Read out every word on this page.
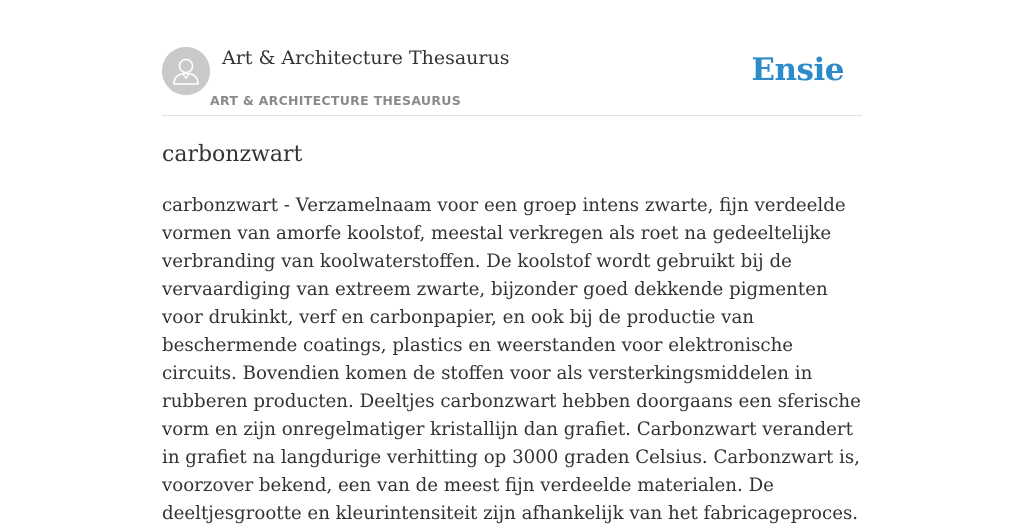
Art & Architecture Thesaurus
ART & ARCHITECTURE THESAURUS
Ensie
carbonzwart

carbonzwart - Verzamelnaam voor een groep intens zwarte, fijn verdeelde vormen van amorfe koolstof, meestal verkregen als roet na gedeeltelijke verbranding van koolwaterstoffen. De koolstof wordt gebruikt bij de vervaardiging van extreem zwarte, bijzonder goed dekkende pigmenten voor drukinkt, verf en carbonpapier, en ook bij de productie van beschermende coatings, plastics en weerstanden voor elektronische circuits. Bovendien komen de stoffen voor als versterkingsmiddelen in rubberen producten. Deeltjes carbonzwart hebben doorgaans een sferische vorm en zijn onregelmatiger kristallijn dan grafiet. Carbonzwart verandert in grafiet na langdurige verhitting op 3000 graden Celsius. Carbonzwart is, voorzover bekend, een van de meest fijn verdeelde materialen. De deeltjesgrootte en kleurintensiteit zijn afhankelijk van het fabricageproces.
